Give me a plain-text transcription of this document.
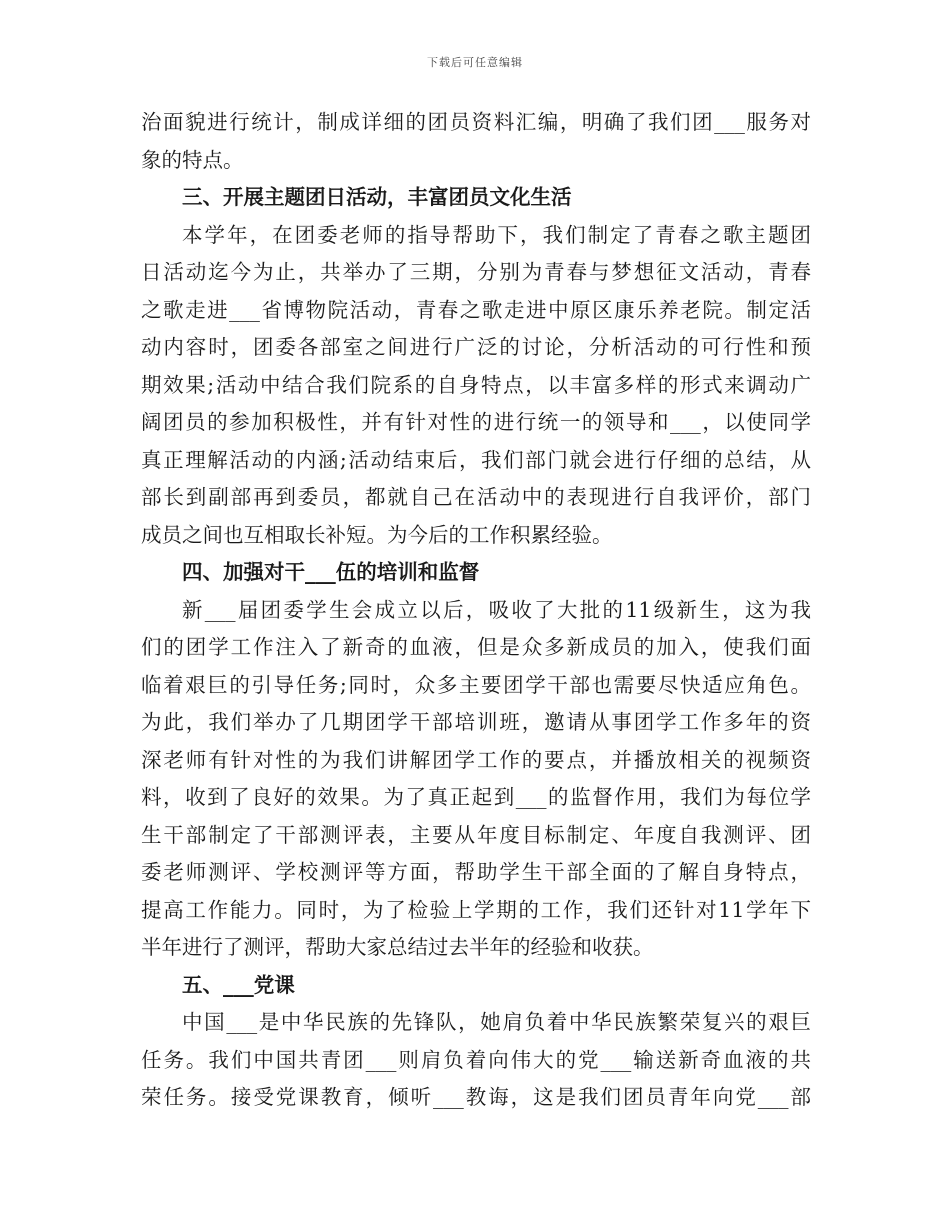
下载后可任意编辑
治面貌进行统计，制成详细的团员资料汇编，明确了我们团___服务对
象的特点。
三、开展主题团日活动，丰富团员文化生活
本学年，在团委老师的指导帮助下，我们制定了青春之歌主题团
日活动迄今为止，共举办了三期，分别为青春与梦想征文活动，青春
之歌走进___省博物院活动，青春之歌走进中原区康乐养老院。制定活
动内容时，团委各部室之间进行广泛的讨论，分析活动的可行性和预
期效果;活动中结合我们院系的自身特点，以丰富多样的形式来调动广
阔团员的参加积极性，并有针对性的进行统一的领导和___，以使同学
真正理解活动的内涵;活动结束后，我们部门就会进行仔细的总结，从
部长到副部再到委员，都就自己在活动中的表现进行自我评价，部门
成员之间也互相取长补短。为今后的工作积累经验。
四、加强对干___伍的培训和监督
新___届团委学生会成立以后，吸收了大批的11级新生，这为我
们的团学工作注入了新奇的血液，但是众多新成员的加入，使我们面
临着艰巨的引导任务;同时，众多主要团学干部也需要尽快适应角色。
为此，我们举办了几期团学干部培训班，邀请从事团学工作多年的资
深老师有针对性的为我们讲解团学工作的要点，并播放相关的视频资
料，收到了良好的效果。为了真正起到___的监督作用，我们为每位学
生干部制定了干部测评表，主要从年度目标制定、年度自我测评、团
委老师测评、学校测评等方面，帮助学生干部全面的了解自身特点，
提高工作能力。同时，为了检验上学期的工作，我们还针对11学年下
半年进行了测评，帮助大家总结过去半年的经验和收获。
五、___党课
中国___是中华民族的先锋队，她肩负着中华民族繁荣复兴的艰巨
任务。我们中国共青团___则肩负着向伟大的党___输送新奇血液的共
荣任务。接受党课教育，倾听___教诲，这是我们团员青年向党___部
